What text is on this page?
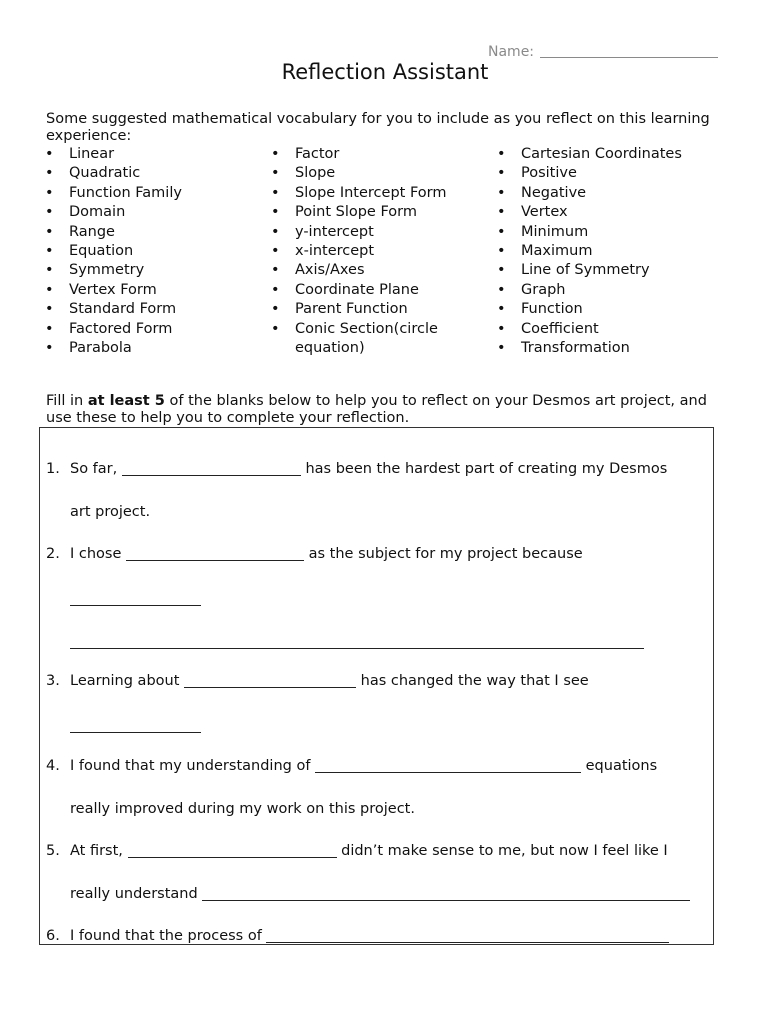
Name:
Reflection Assistant
Some suggested mathematical vocabulary for you to include as you reflect on this learning experience:
• Linear
• Quadratic
• Function Family
• Domain
• Range
• Equation
• Symmetry
• Vertex Form
• Standard Form
• Factored Form
• Parabola
• Factor
• Slope
• Slope Intercept Form
• Point Slope Form
• y-intercept
• x-intercept
• Axis/Axes
• Coordinate Plane
• Parent Function
• Conic Section(circle equation)
• Cartesian Coordinates
• Positive
• Negative
• Vertex
• Minimum
• Maximum
• Line of Symmetry
• Graph
• Function
• Coefficient
• Transformation
Fill in at least 5 of the blanks below to help you to reflect on your Desmos art project, and use these to help you to complete your reflection.
1. So far,	has been the hardest part of creating my Desmos
art project.
2. I chose	as the subject for my project because
3. Learning about	has changed the way that I see
4. I found that my understanding of	equations
really improved during my work on this project.
5. At first,	didn’t make sense to me, but now I feel like I
really understand
6. I found that the process of
